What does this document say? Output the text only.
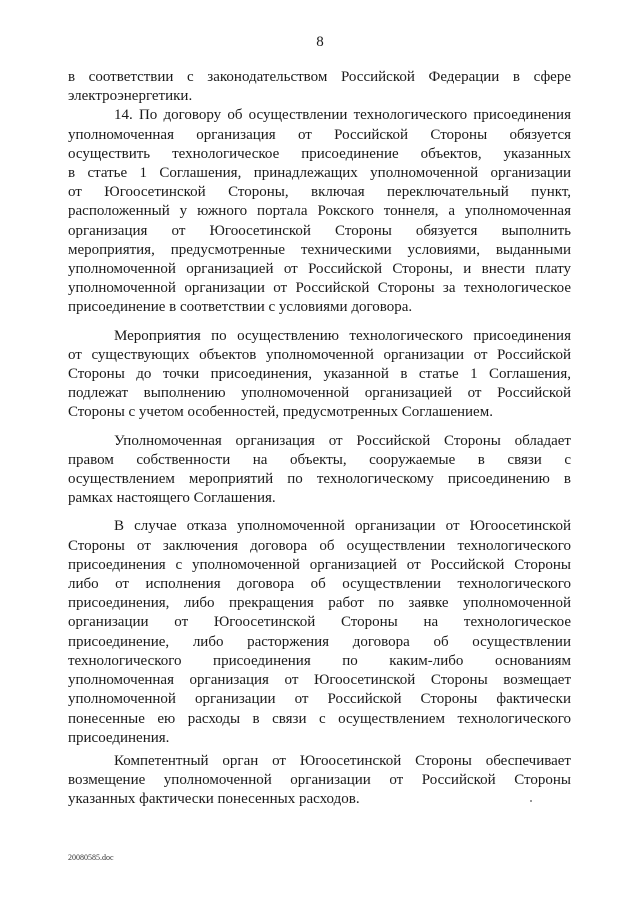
8

в соответствии с законодательством Российской Федерации в сфере
электроэнергетики.

14. По договору об осуществлении технологического присоединения
уполномоченная организация от Российской Стороны обязуется
осуществить технологическое присоединение объектов, указанных
в статье 1 Соглашения, принадлежащих уполномоченной организации
от Югоосетинской Стороны, включая переключательный пункт,
расположенный у южного портала Рокского тоннеля, а уполномоченная
организация от Югоосетинской Стороны обязуется выполнить
мероприятия, предусмотренные техническими условиями, выданными
уполномоченной организацией от Российской Стороны, и внести плату
уполномоченной организации от Российской Стороны за технологическое
присоединение в соответствии с условиями договора.

Мероприятия по осуществлению технологического присоединения
от существующих объектов уполномоченной организации от Российской
Стороны до точки присоединения, указанной в статье 1 Соглашения,
подлежат выполнению уполномоченной организацией от Российской
Стороны с учетом особенностей, предусмотренных Соглашением.

Уполномоченная организация от Российской Стороны обладает
правом собственности на объекты, сооружаемые в связи с
осуществлением мероприятий по технологическому присоединению в
рамках настоящего Соглашения.

В случае отказа уполномоченной организации от Югоосетинской
Стороны от заключения договора об осуществлении технологического
присоединения с уполномоченной организацией от Российской Стороны
либо от исполнения договора об осуществлении технологического
присоединения, либо прекращения работ по заявке уполномоченной
организации от Югоосетинской Стороны на технологическое
присоединение, либо расторжения договора об осуществлении
технологического присоединения по каким-либо основаниям
уполномоченная организация от Югоосетинской Стороны возмещает
уполномоченной организации от Российской Стороны фактически
понесенные ею расходы в связи с осуществлением технологического
присоединения.

Компетентный орган от Югоосетинской Стороны обеспечивает
возмещение уполномоченной организации от Российской Стороны
указанных фактически понесенных расходов.

20080585.doc
